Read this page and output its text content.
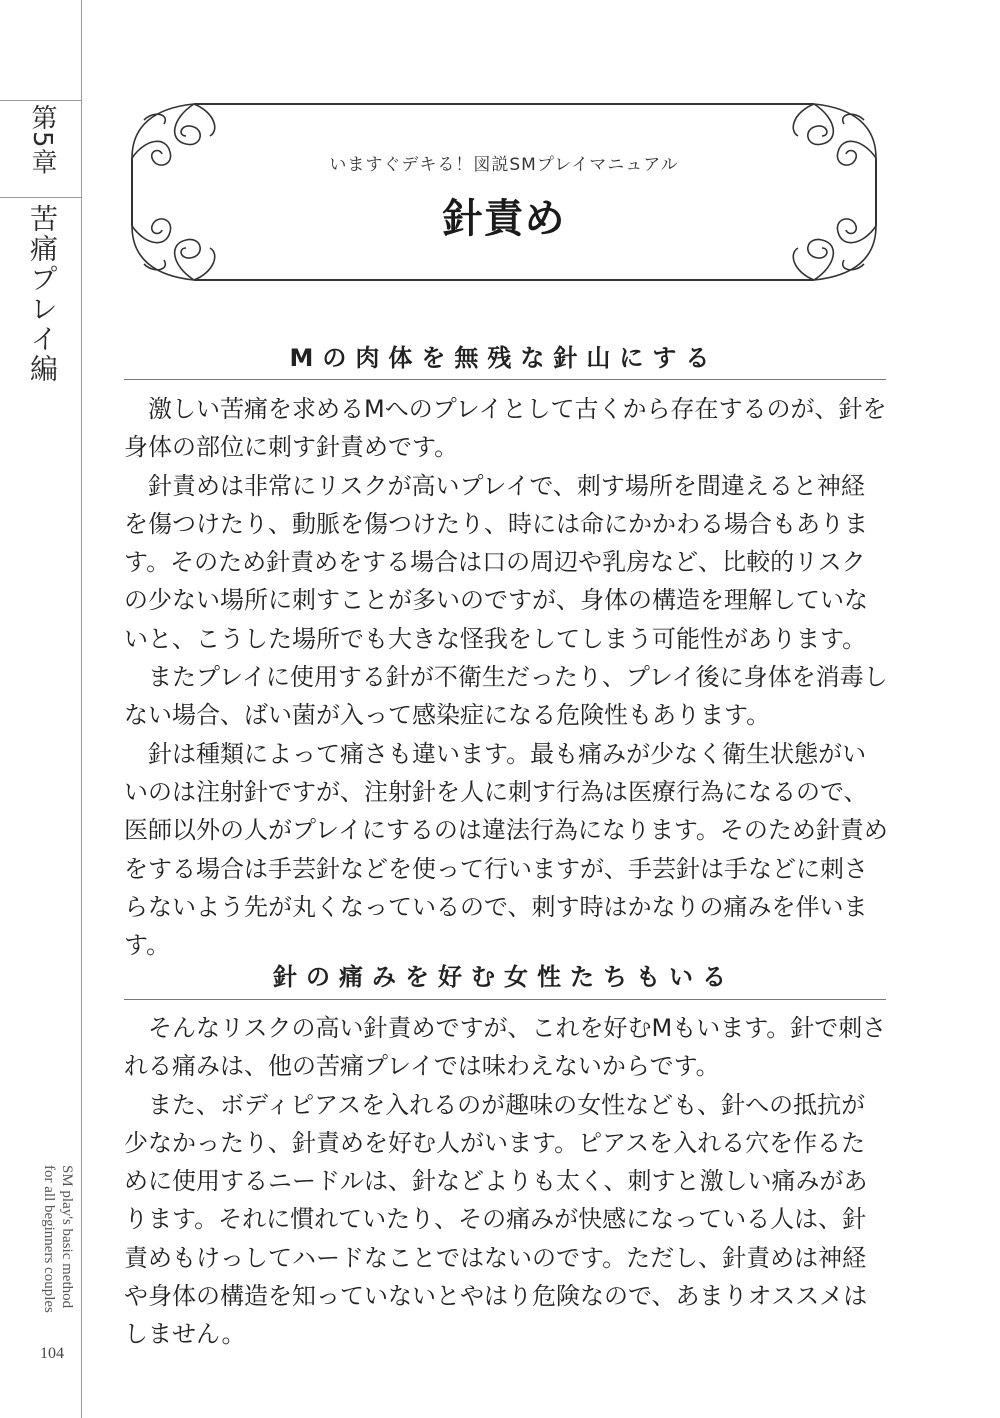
第5章
苦痛プレイ編
SM play's basic method
for all beginners couples
104
いますぐデキる！図説SMプレイマニュアル
針責め
Mの肉体を無残な針山にする

激しい苦痛を求めるMへのプレイとして古くから存在するのが、針を身体の部位に刺す針責めです。

針責めは非常にリスクが高いプレイで、刺す場所を間違えると神経を傷つけたり、動脈を傷つけたり、時には命にかかわる場合もあります。そのため針責めをする場合は口の周辺や乳房など、比較的リスクの少ない場所に刺すことが多いのですが、身体の構造を理解していないと、こうした場所でも大きな怪我をしてしまう可能性があります。

またプレイに使用する針が不衛生だったり、プレイ後に身体を消毒しない場合、ばい菌が入って感染症になる危険性もあります。

針は種類によって痛さも違います。最も痛みが少なく衛生状態がいいのは注射針ですが、注射針を人に刺す行為は医療行為になるので、医師以外の人がプレイにするのは違法行為になります。そのため針責めをする場合は手芸針などを使って行いますが、手芸針は手などに刺さらないよう先が丸くなっているので、刺す時はかなりの痛みを伴います。

針の痛みを好む女性たちもいる

そんなリスクの高い針責めですが、これを好むMもいます。針で刺される痛みは、他の苦痛プレイでは味わえないからです。

また、ボディピアスを入れるのが趣味の女性なども、針への抵抗が少なかったり、針責めを好む人がいます。ピアスを入れる穴を作るために使用するニードルは、針などよりも太く、刺すと激しい痛みがあります。それに慣れていたり、その痛みが快感になっている人は、針責めもけっしてハードなことではないのです。ただし、針責めは神経や身体の構造を知っていないとやはり危険なので、あまりオススメはしません。
